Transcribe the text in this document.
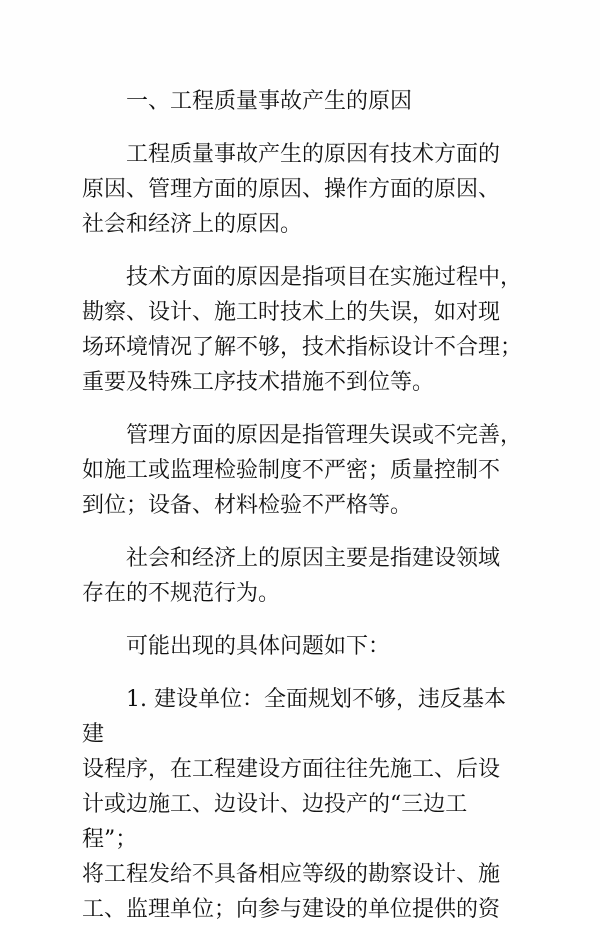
一、工程质量事故产生的原因

工程质量事故产生的原因有技术方面的
原因、管理方面的原因、操作方面的原因、
社会和经济上的原因。

技术方面的原因是指项目在实施过程中，
勘察、设计、施工时技术上的失误，如对现
场环境情况了解不够，技术指标设计不合理；
重要及特殊工序技术措施不到位等。

管理方面的原因是指管理失误或不完善，
如施工或监理检验制度不严密；质量控制不
到位；设备、材料检验不严格等。

社会和经济上的原因主要是指建设领域
存在的不规范行为。

可能出现的具体问题如下：

1. 建设单位：全面规划不够，违反基本建
设程序，在工程建设方面往往先施工、后设
计或边施工、边设计、边投产的“三边工程”；
将工程发给不具备相应等级的勘察设计、施
工、监理单位；向参与建设的单位提供的资
